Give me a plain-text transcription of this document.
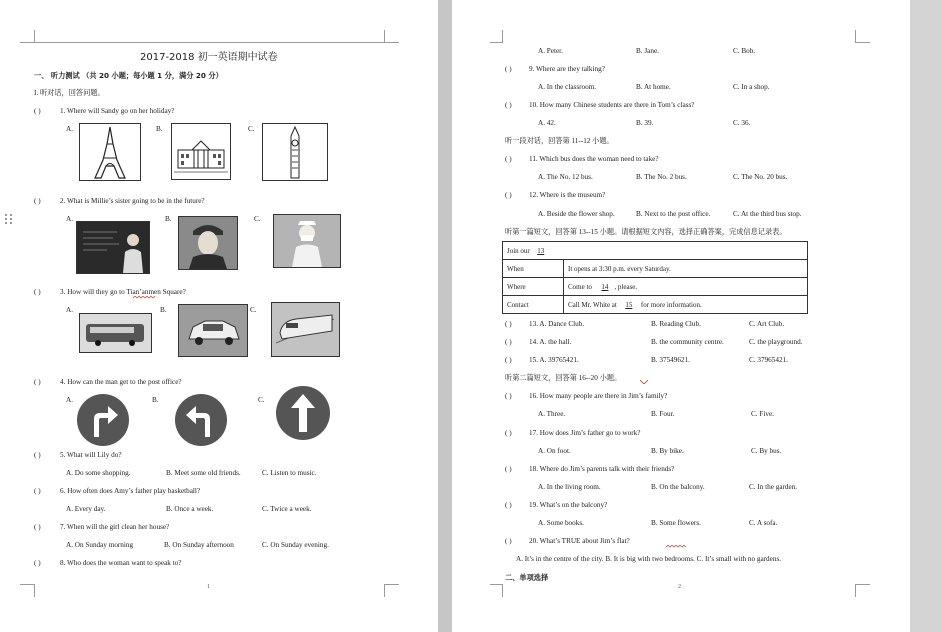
2017-2018 初一英语期中试卷
一、 听力测试 （共 20 小题；每小题 1 分，满分 20 分）
I. 听对话，回答问题。
( )	1. Where will Sandy go on her holiday?
A.	B.	C.
( )	2. What is Millie’s sister going to be in the future?
A.	B.	C.
( )	3. How will they go to Tian’anmen Square?
A.	B.	C.
( )	4. How can the man get to the post office?
A.	B.	C.
( )	5. What will Lily do?
A. Do some shopping.	B. Meet some old friends.	C. Listen to music.
( )	6. How often does Amy’s father play basketball?
A. Every day.	B. Once a week.	C. Twice a week.
( )	7. When will the girl clean her house?
A. On Sunday morning	B. On Sunday afternoon	C. On Sunday evening.
( )	8. Who does the woman want to speak to?
1
A. Peter.	B. Jane.	C. Bob.
( ) 9. Where are they talking?
A. In the classroom.	B. At home.	C. In a shop.
( ) 10. How many Chinese students are there in Tom’s class?
A. 42.	B. 39.	C. 36.
听一段对话，回答第 11--12 小题。
( ) 11. Which bus does the woman need to take?
A. The No. 12 bus.	B. The No. 2 bus.	C. The No. 20 bus.
( ) 12. Where is the museum?
A. Beside the flower shop.	B. Next to the post office.	C. At the third bus stop.
听第一篇短文，回答第 13--15 小题。请根据短文内容，选择正确答案，完成信息记录表。
Join our 13	
When	It opens at 3:30 p.m. every Saturday.
Where	Come to 14 , please.
Contact	Call Mr. White at 15 for more information.
( ) 13. A. Dance Club.	B. Reading Club.	C. Art Club.
( ) 14. A. the hall.	B. the community centre.	C. the playground.
( ) 15. A. 39765421.	B. 37549621.	C. 37965421.
听第二篇短文，回答第 16--20 小题。
( ) 16. How many people are there in Jim’s family?
A. Three.	B. Four.	C. Five.
( ) 17. How does Jim’s father go to work?
A. On foot.	B. By bike.	C. By bus.
( ) 18. Where do Jim’s parents talk with their friends?
A. In the living room.	B. On the balcony.	C. In the garden.
( ) 19. What’s on the balcony?
A. Some books.	B. Some flowers.	C. A sofa.
( ) 20. What’s TRUE about Jim’s flat?
A. It’s in the centre of the city. B. It is big with two bedrooms. C. It’s small with no gardens.
二、单项选择
2
